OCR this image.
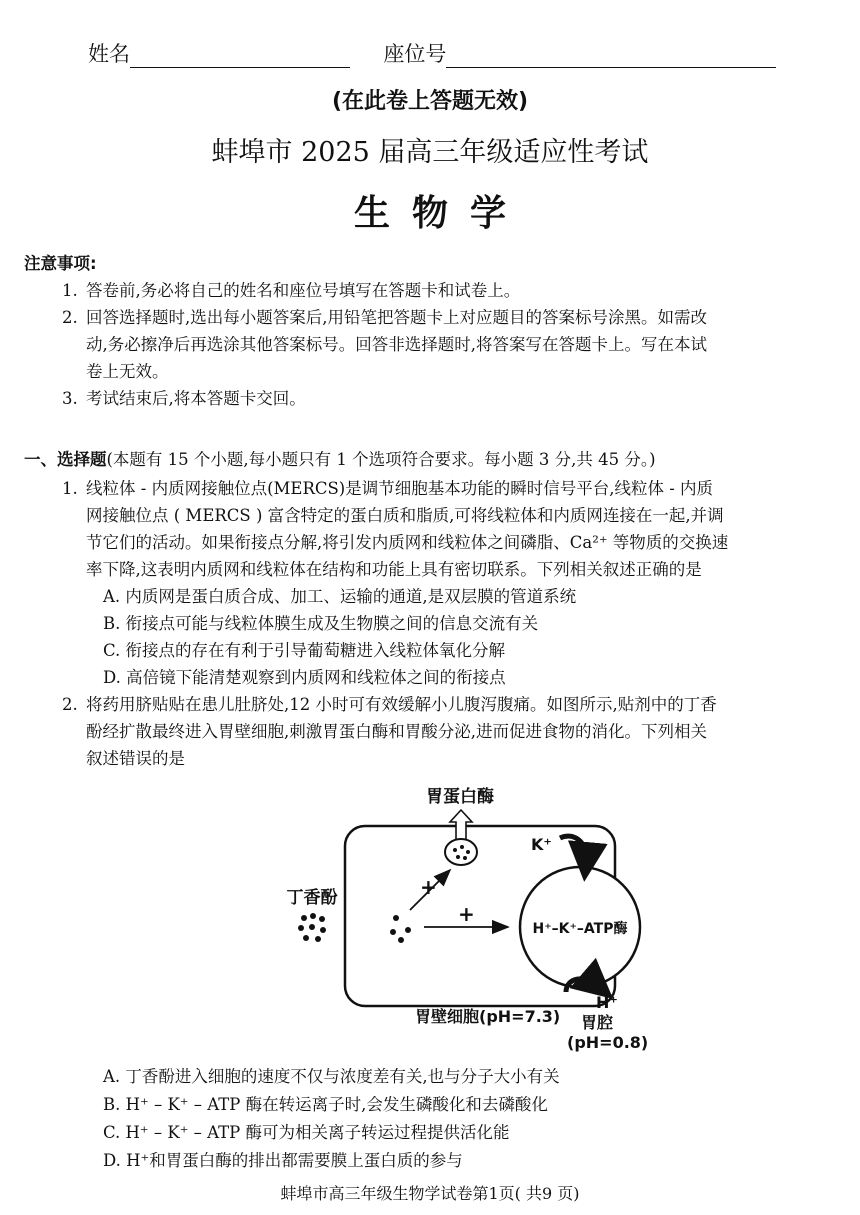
姓名	座位号
(在此卷上答题无效)
蚌埠市 2025 届高三年级适应性考试
生物学
注意事项:
1. 答卷前,务必将自己的姓名和座位号填写在答题卡和试卷上。
2. 回答选择题时,选出每小题答案后,用铅笔把答题卡上对应题目的答案标号涂黑。如需改
动,务必擦净后再选涂其他答案标号。回答非选择题时,将答案写在答题卡上。写在本试
卷上无效。
3. 考试结束后,将本答题卡交回。
一、选择题(本题有 15 个小题,每小题只有 1 个选项符合要求。每小题 3 分,共 45 分。)
1. 线粒体 - 内质网接触位点(MERCS)是调节细胞基本功能的瞬时信号平台,线粒体 - 内质
网接触位点 ( MERCS ) 富含特定的蛋白质和脂质,可将线粒体和内质网连接在一起,并调
节它们的活动。如果衔接点分解,将引发内质网和线粒体之间磷脂、Ca²⁺ 等物质的交换速
率下降,这表明内质网和线粒体在结构和功能上具有密切联系。下列相关叙述正确的是
A. 内质网是蛋白质合成、加工、运输的通道,是双层膜的管道系统
B. 衔接点可能与线粒体膜生成及生物膜之间的信息交流有关
C. 衔接点的存在有利于引导葡萄糖进入线粒体氧化分解
D. 高倍镜下能清楚观察到内质网和线粒体之间的衔接点
2. 将药用脐贴贴在患儿肚脐处,12 小时可有效缓解小儿腹泻腹痛。如图所示,贴剂中的丁香
酚经扩散最终进入胃壁细胞,刺激胃蛋白酶和胃酸分泌,进而促进食物的消化。下列相关
叙述错误的是
胃蛋白酶
丁香酚	+
+
H⁺–K⁺–ATP酶
K⁺
H⁺
胃壁细胞(pH=7.3) 胃腔
(pH=0.8)
A. 丁香酚进入细胞的速度不仅与浓度差有关,也与分子大小有关
B. H⁺ – K⁺ – ATP 酶在转运离子时,会发生磷酸化和去磷酸化
C. H⁺ – K⁺ – ATP 酶可为相关离子转运过程提供活化能
D. H⁺和胃蛋白酶的排出都需要膜上蛋白质的参与
蚌埠市高三年级生物学试卷第1页( 共9 页)
